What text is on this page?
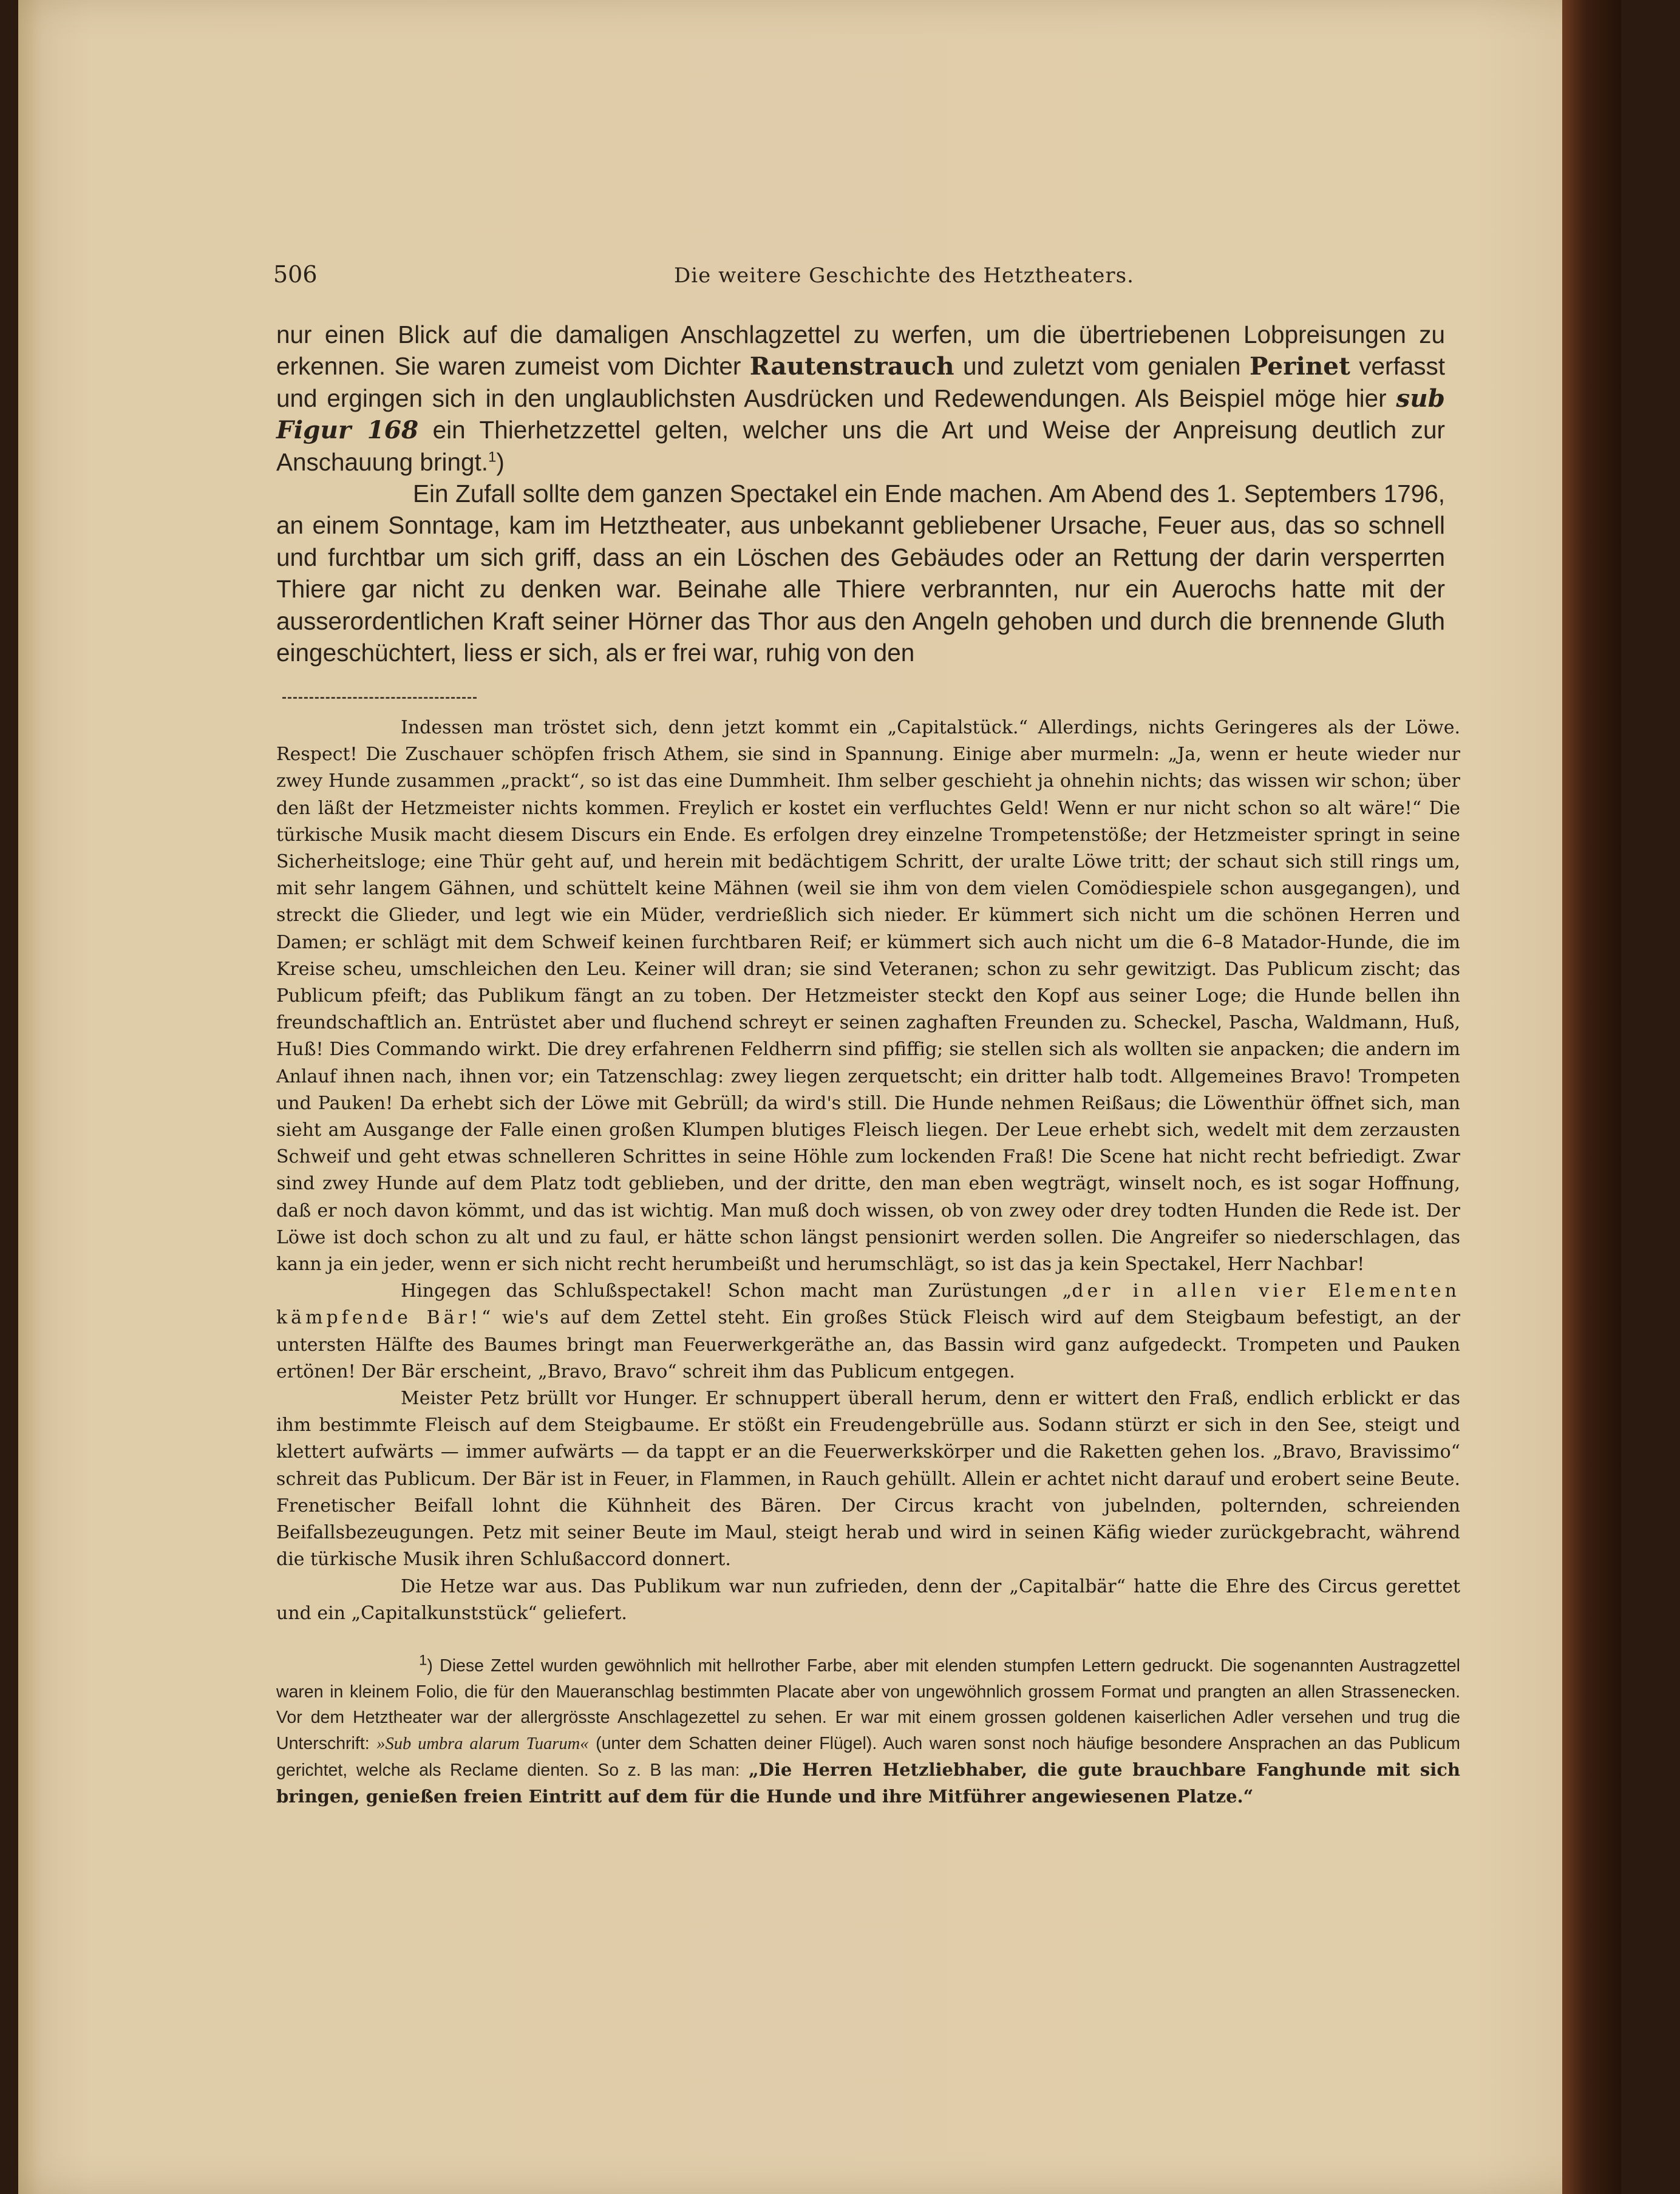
506	Die weitere Geschichte des Hetztheaters.

nur einen Blick auf die damaligen Anschlagzettel zu werfen, um die übertriebenen Lobpreisungen zu erkennen. Sie waren zumeist vom Dichter Rautenstrauch und zuletzt vom genialen Perinet verfasst und ergingen sich in den unglaublichsten Ausdrücken und Redewendungen. Als Beispiel möge hier sub Figur 168 ein Thierhetzzettel gelten, welcher uns die Art und Weise der Anpreisung deutlich zur Anschauung bringt.$^1$)

Ein Zufall sollte dem ganzen Spectakel ein Ende machen. Am Abend des 1. Septembers 1796, an einem Sonntage, kam im Hetztheater, aus unbekannt gebliebener Ursache, Feuer aus, das so schnell und furchtbar um sich griff, dass an ein Löschen des Gebäudes oder an Rettung der darin versperrten Thiere gar nicht zu denken war. Beinahe alle Thiere verbrannten, nur ein Auerochs hatte mit der ausserordentlichen Kraft seiner Hörner das Thor aus den Angeln gehoben und durch die brennende Gluth eingeschüchtert, liess er sich, als er frei war, ruhig von den

Indessen man tröstet sich, denn jetzt kommt ein „Capitalstück.“ Allerdings, nichts Geringeres als der Löwe. Respect! Die Zuschauer schöpfen frisch Athem, sie sind in Spannung. Einige aber murmeln: „Ja, wenn er heute wieder nur zwey Hunde zusammen „prackt“, so ist das eine Dummheit. Ihm selber geschieht ja ohnehin nichts; das wissen wir schon; über den läßt der Hetzmeister nichts kommen. Freylich er kostet ein verfluchtes Geld! Wenn er nur nicht schon so alt wäre!“ Die türkische Musik macht diesem Discurs ein Ende. Es erfolgen drey einzelne Trompetenstöße; der Hetzmeister springt in seine Sicherheitsloge; eine Thür geht auf, und herein mit bedächtigem Schritt, der uralte Löwe tritt; der schaut sich still rings um, mit sehr langem Gähnen, und schüttelt keine Mähnen (weil sie ihm von dem vielen Comödiespiele schon ausgegangen), und streckt die Glieder, und legt wie ein Müder, verdrießlich sich nieder. Er kümmert sich nicht um die schönen Herren und Damen; er schlägt mit dem Schweif keinen furchtbaren Reif; er kümmert sich auch nicht um die 6–8 Matador-Hunde, die im Kreise scheu, umschleichen den Leu. Keiner will dran; sie sind Veteranen; schon zu sehr gewitzigt. Das Publicum zischt; das Publicum pfeift; das Publikum fängt an zu toben. Der Hetzmeister steckt den Kopf aus seiner Loge; die Hunde bellen ihn freundschaftlich an. Entrüstet aber und fluchend schreyt er seinen zaghaften Freunden zu. Scheckel, Pascha, Waldmann, Huß, Huß! Dies Commando wirkt. Die drey erfahrenen Feldherrn sind pfiffig; sie stellen sich als wollten sie anpacken; die andern im Anlauf ihnen nach, ihnen vor; ein Tatzenschlag: zwey liegen zerquetscht; ein dritter halb todt. Allgemeines Bravo! Trompeten und Pauken! Da erhebt sich der Löwe mit Gebrüll; da wird's still. Die Hunde nehmen Reißaus; die Löwenthür öffnet sich, man sieht am Ausgange der Falle einen großen Klumpen blutiges Fleisch liegen. Der Leue erhebt sich, wedelt mit dem zerzausten Schweif und geht etwas schnelleren Schrittes in seine Höhle zum lockenden Fraß! Die Scene hat nicht recht befriedigt. Zwar sind zwey Hunde auf dem Platz todt geblieben, und der dritte, den man eben wegträgt, winselt noch, es ist sogar Hoffnung, daß er noch davon kömmt, und das ist wichtig. Man muß doch wissen, ob von zwey oder drey todten Hunden die Rede ist. Der Löwe ist doch schon zu alt und zu faul, er hätte schon längst pensionirt werden sollen. Die Angreifer so niederschlagen, das kann ja ein jeder, wenn er sich nicht recht herumbeißt und herumschlägt, so ist das ja kein Spectakel, Herr Nachbar!

Hingegen das Schlußspectakel! Schon macht man Zurüstungen „der in allen vier Elementen kämpfende Bär!“ wie's auf dem Zettel steht. Ein großes Stück Fleisch wird auf dem Steigbaum befestigt, an der untersten Hälfte des Baumes bringt man Feuerwerkgeräthe an, das Bassin wird ganz aufgedeckt. Trompeten und Pauken ertönen! Der Bär erscheint, „Bravo, Bravo“ schreit ihm das Publicum entgegen.

Meister Petz brüllt vor Hunger. Er schnuppert überall herum, denn er wittert den Fraß, endlich erblickt er das ihm bestimmte Fleisch auf dem Steigbaume. Er stößt ein Freudengebrülle aus. Sodann stürzt er sich in den See, steigt und klettert aufwärts — immer aufwärts — da tappt er an die Feuerwerkskörper und die Raketten gehen los. „Bravo, Bravissimo“ schreit das Publicum. Der Bär ist in Feuer, in Flammen, in Rauch gehüllt. Allein er achtet nicht darauf und erobert seine Beute. Frenetischer Beifall lohnt die Kühnheit des Bären. Der Circus kracht von jubelnden, polternden, schreienden Beifallsbezeugungen. Petz mit seiner Beute im Maul, steigt herab und wird in seinen Käfig wieder zurückgebracht, während die türkische Musik ihren Schlußaccord donnert.

Die Hetze war aus. Das Publikum war nun zufrieden, denn der „Capitalbär“ hatte die Ehre des Circus gerettet und ein „Capitalkunststück“ geliefert.

$^1$) Diese Zettel wurden gewöhnlich mit hellrother Farbe, aber mit elenden stumpfen Lettern gedruckt. Die sogenannten Austragzettel waren in kleinem Folio, die für den Maueranschlag bestimmten Placate aber von ungewöhnlich grossem Format und prangten an allen Strassenecken. Vor dem Hetztheater war der allergrösste Anschlagezettel zu sehen. Er war mit einem grossen goldenen kaiserlichen Adler versehen und trug die Unterschrift: »Sub umbra alarum Tuarum« (unter dem Schatten deiner Flügel). Auch waren sonst noch häufige besondere Ansprachen an das Publicum gerichtet, welche als Reclame dienten. So z. B las man: „Die Herren Hetzliebhaber, die gute brauchbare Fanghunde mit sich bringen, genießen freien Eintritt auf dem für die Hunde und ihre Mitführer angewiesenen Platze.“
